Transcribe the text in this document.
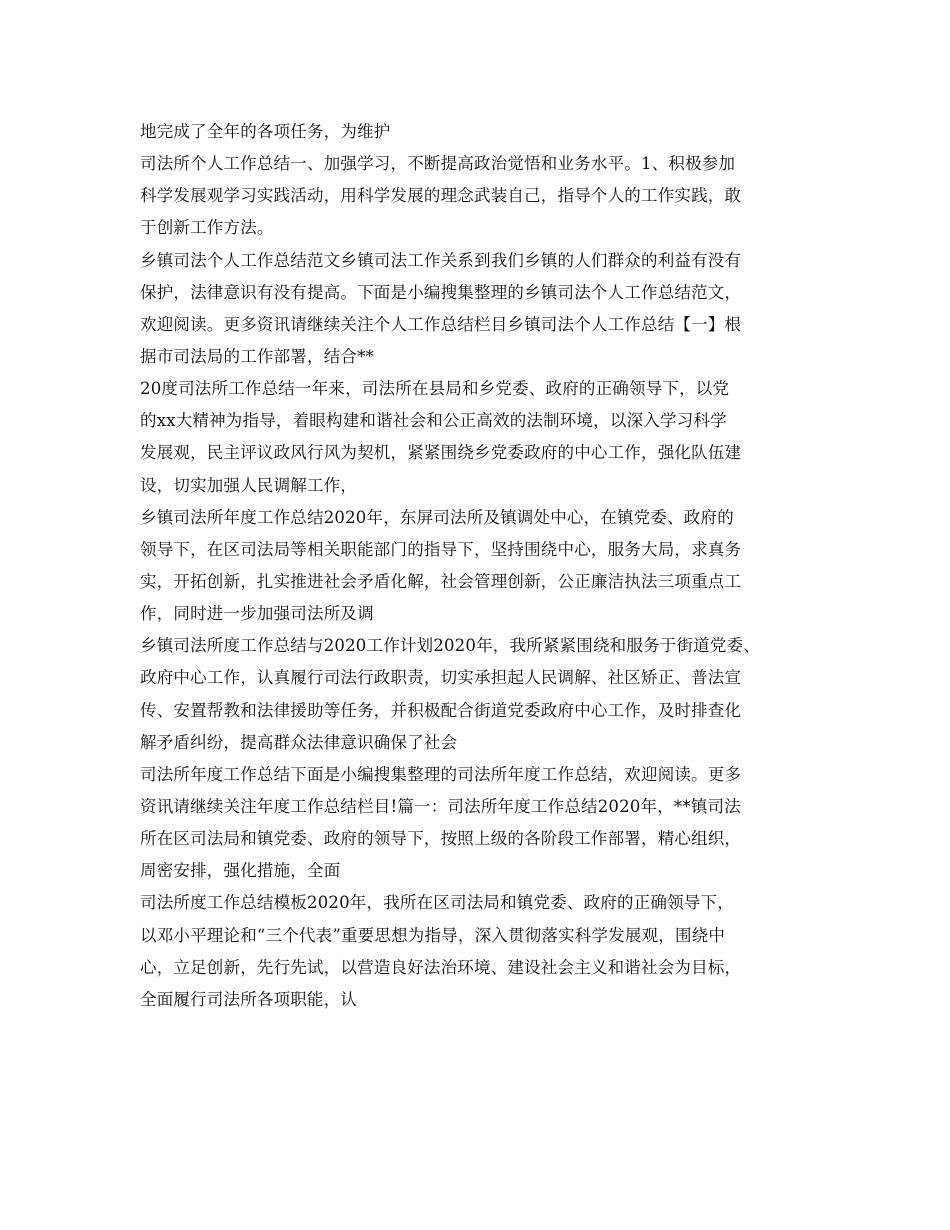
地完成了全年的各项任务，为维护
司法所个人工作总结一、加强学习，不断提高政治觉悟和业务水平。1、积极参加
科学发展观学习实践活动，用科学发展的理念武装自己，指导个人的工作实践，敢
于创新工作方法。
乡镇司法个人工作总结范文乡镇司法工作关系到我们乡镇的人们群众的利益有没有
保护，法律意识有没有提高。下面是小编搜集整理的乡镇司法个人工作总结范文，
欢迎阅读。更多资讯请继续关注个人工作总结栏目乡镇司法个人工作总结【一】根
据市司法局的工作部署，结合**
20度司法所工作总结一年来，司法所在县局和乡党委、政府的正确领导下，以党
的xx大精神为指导，着眼构建和谐社会和公正高效的法制环境，以深入学习科学
发展观，民主评议政风行风为契机，紧紧围绕乡党委政府的中心工作，强化队伍建
设，切实加强人民调解工作，
乡镇司法所年度工作总结2020年，东屏司法所及镇调处中心，在镇党委、政府的
领导下，在区司法局等相关职能部门的指导下，坚持围绕中心，服务大局，求真务
实，开拓创新，扎实推进社会矛盾化解，社会管理创新，公正廉洁执法三项重点工
作，同时进一步加强司法所及调
乡镇司法所度工作总结与2020工作计划2020年，我所紧紧围绕和服务于街道党委、
政府中心工作，认真履行司法行政职责，切实承担起人民调解、社区矫正、普法宣
传、安置帮教和法律援助等任务，并积极配合街道党委政府中心工作，及时排查化
解矛盾纠纷，提高群众法律意识确保了社会
司法所年度工作总结下面是小编搜集整理的司法所年度工作总结，欢迎阅读。更多
资讯请继续关注年度工作总结栏目!篇一：司法所年度工作总结2020年，**镇司法
所在区司法局和镇党委、政府的领导下，按照上级的各阶段工作部署，精心组织，
周密安排，强化措施，全面
司法所度工作总结模板2020年，我所在区司法局和镇党委、政府的正确领导下，
以邓小平理论和“三个代表”重要思想为指导，深入贯彻落实科学发展观，围绕中
心，立足创新，先行先试，以营造良好法治环境、建设社会主义和谐社会为目标，
全面履行司法所各项职能，认
